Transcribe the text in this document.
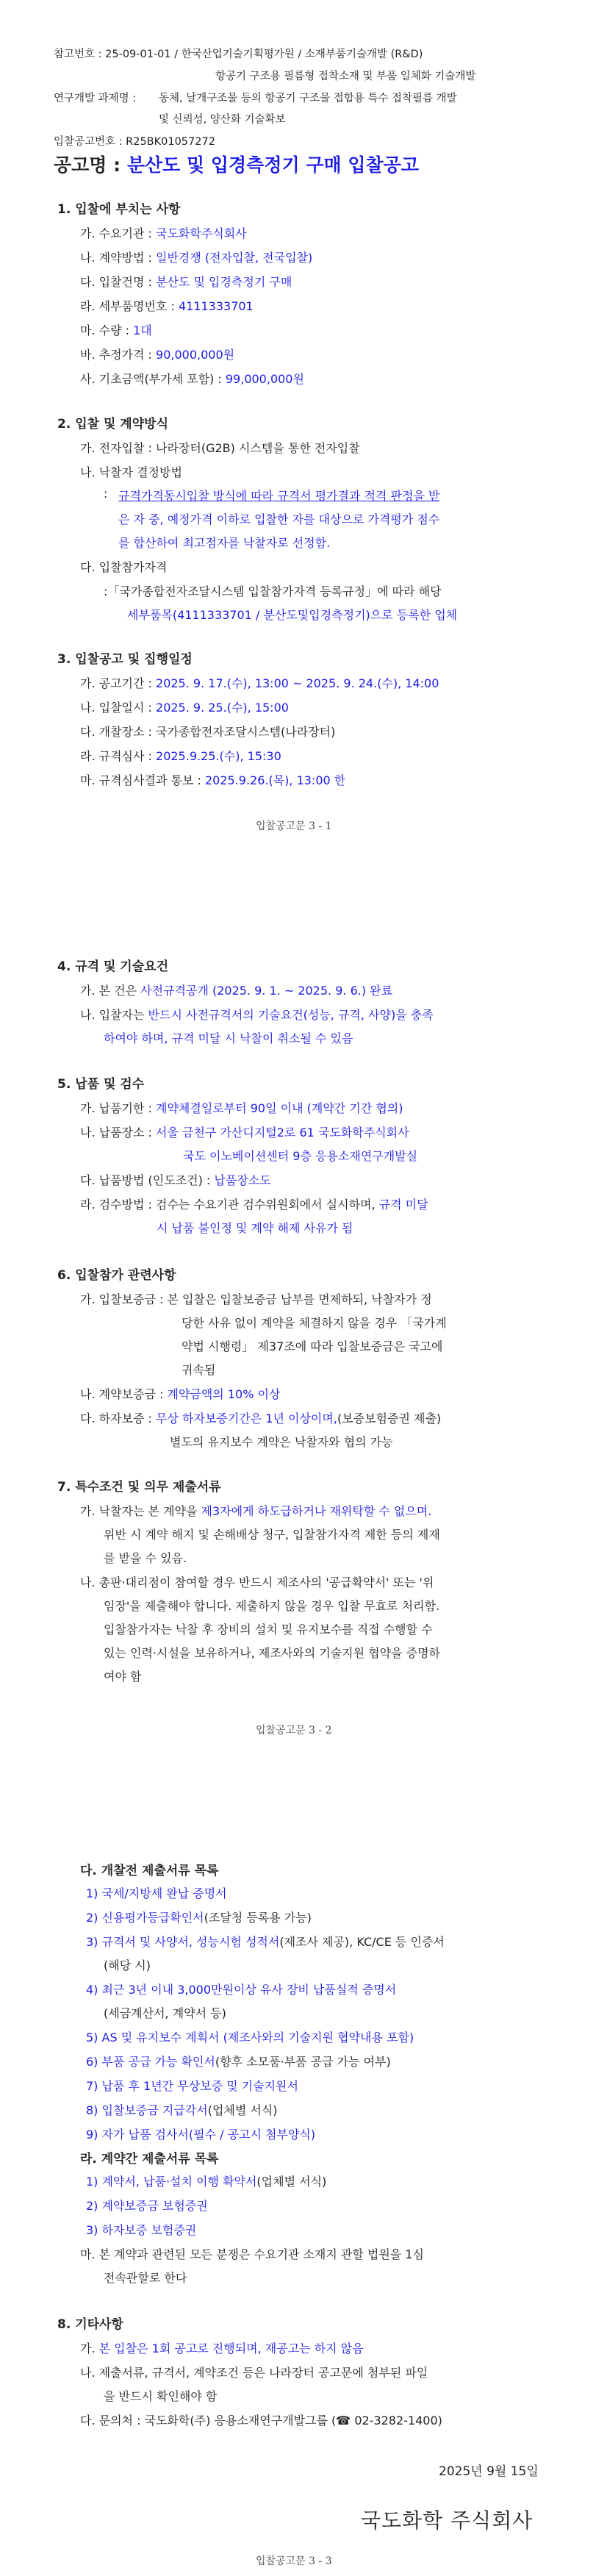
참고번호 : 25-09-01-01 / 한국산업기술기획평가원 / 소재부품기술개발 (R&D)
항공기 구조용 필름형 접착소재 및 부품 일체화 기술개발
연구개발 과제명 : 동체, 날개구조물 등의 항공기 구조물 접합용 특수 접착필름 개발
및 신뢰성, 양산화 기술확보
입찰공고번호 : R25BK01057272
공고명 : 분산도 및 입경측정기 구매 입찰공고
1. 입찰에 부치는 사항
가. 수요기관 : 국도화학주식회사
나. 계약방법 : 일반경쟁 (전자입찰, 전국입찰)
다. 입찰건명 : 분산도 및 입경측정기 구매
라. 세부품명번호 : 4111333701
마. 수량 : 1대
바. 추정가격 : 90,000,000원
사. 기초금액(부가세 포함) : 99,000,000원
2. 입찰 및 계약방식
가. 전자입찰 : 나라장터(G2B) 시스템을 통한 전자입찰
나. 낙찰자 결정방법
: 규격가격동시입찰 방식에 따라 규격서 평가결과 적격 판정을 받
은 자 중, 예정가격 이하로 입찰한 자를 대상으로 가격평가 점수
를 합산하여 최고점자를 낙찰자로 선정함.
다. 입찰참가자격
:「국가종합전자조달시스템 입찰참가자격 등록규정」에 따라 해당
세부품목(4111333701 / 분산도및입경측정기)으로 등록한 업체
3. 입찰공고 및 집행일정
가. 공고기간 : 2025. 9. 17.(수), 13:00 ~ 2025. 9. 24.(수), 14:00
나. 입찰일시 : 2025. 9. 25.(수), 15:00
다. 개찰장소 : 국가종합전자조달시스템(나라장터)
라. 규격심사 : 2025.9.25.(수), 15:30
마. 규격심사결과 통보 : 2025.9.26.(목), 13:00 한
입찰공고문 3 - 1
4. 규격 및 기술요건
가. 본 건은 사전규격공개 (2025. 9. 1. ~ 2025. 9. 6.) 완료
나. 입찰자는 반드시 사전규격서의 기술요건(성능, 규격, 사양)을 충족
하여야 하며, 규격 미달 시 낙찰이 취소될 수 있음
5. 납품 및 검수
가. 납품기한 : 계약체결일로부터 90일 이내 (계약간 기간 협의)
나. 납품장소 : 서울 금천구 가산디지털2로 61 국도화학주식회사
국도 이노베이션센터 9층 응용소재연구개발실
다. 납품방법 (인도조건) : 납품장소도
라. 검수방법 : 검수는 수요기관 검수위원회에서 실시하며, 규격 미달
시 납품 불인정 및 계약 해제 사유가 됨
6. 입찰참가 관련사항
가. 입찰보증금 : 본 입찰은 입찰보증금 납부를 면제하되, 낙찰자가 정
당한 사유 없이 계약을 체결하지 않을 경우 「국가계
약법 시행령」 제37조에 따라 입찰보증금은 국고에
귀속됨
나. 계약보증금 : 계약금액의 10% 이상
다. 하자보증 : 무상 하자보증기간은 1년 이상이며,(보증보험증권 제출)
별도의 유지보수 계약은 낙찰자와 협의 가능
7. 특수조건 및 의무 제출서류
가. 낙찰자는 본 계약을 제3자에게 하도급하거나 재위탁할 수 없으며.
위반 시 계약 해지 및 손해배상 청구, 입찰참가자격 제한 등의 제재
를 받을 수 있음.
나. 총판·대리점이 참여할 경우 반드시 제조사의 '공급확약서' 또는 '위
임장'을 제출해야 합니다. 제출하지 않을 경우 입찰 무효로 처리함.
입찰참가자는 낙찰 후 장비의 설치 및 유지보수를 직접 수행할 수
있는 인력·시설을 보유하거나, 제조사와의 기술지원 협약을 증명하
여야 함
입찰공고문 3 - 2
다. 개찰전 제출서류 목록
1) 국세/지방세 완납 증명서
2) 신용평가등급확인서(조달청 등록용 가능)
3) 규격서 및 사양서, 성능시험 성적서(제조사 제공), KC/CE 등 인증서
(해당 시)
4) 최근 3년 이내 3,000만원이상 유사 장비 납품실적 증명서
(세금계산서, 계약서 등)
5) AS 및 유지보수 계획서 (제조사와의 기술지원 협약내용 포함)
6) 부품 공급 가능 확인서(향후 소모품·부품 공급 가능 여부)
7) 납품 후 1년간 무상보증 및 기술지원서
8) 입찰보증금 지급각서(업체별 서식)
9) 자가 납품 검사서(필수 / 공고시 첨부양식)
라. 계약간 제출서류 목록
1) 계약서, 납품·설치 이행 확약서(업체별 서식)
2) 계약보증금 보험증권
3) 하자보증 보험증권
마. 본 계약과 관련된 모든 분쟁은 수요기관 소재지 관할 법원을 1심
전속관할로 한다
8. 기타사항
가. 본 입찰은 1회 공고로 진행되며, 재공고는 하지 않음
나. 제출서류, 규격서, 계약조건 등은 나라장터 공고문에 첨부된 파일
을 반드시 확인해야 함
다. 문의처 : 국도화학(주) 응용소재연구개발그룹 (☎ 02-3282-1400)
2025년 9월 15일
국도화학 주식회사
입찰공고문 3 - 3
